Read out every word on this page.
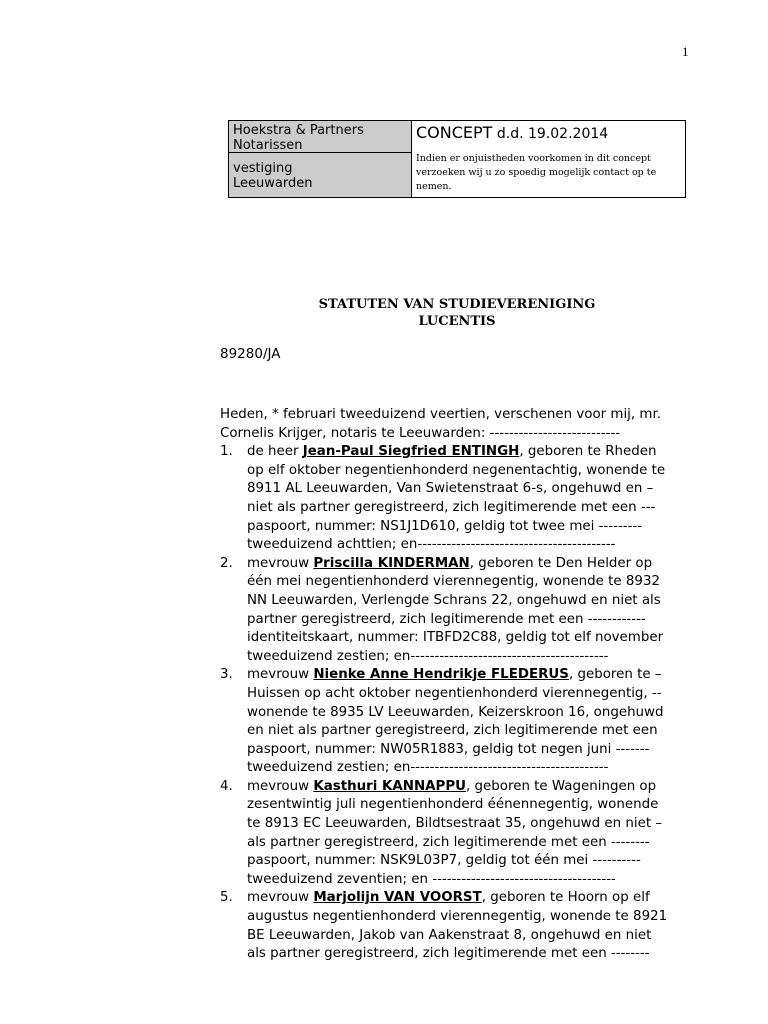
1
Hoekstra & Partners
Notarissen
vestiging
Leeuwarden
CONCEPT d.d. 19.02.2014
Indien er onjuistheden voorkomen in dit concept
verzoeken wij u zo spoedig mogelijk contact op te
nemen.
STATUTEN VAN STUDIEVERENIGING
LUCENTIS
89280/JA

Heden, * februari tweeduizend veertien, verschenen voor mij, mr.

Cornelis Krijger, notaris te Leeuwarden: ---------------------------

1. de heer Jean-Paul Siegfried ENTINGH, geboren te Rheden
op elf oktober negentienhonderd negenentachtig, wonende te
8911 AL Leeuwarden, Van Swietenstraat 6-s, ongehuwd en –
niet als partner geregistreerd, zich legitimerende met een ---
paspoort, nummer: NS1J1D610, geldig tot twee mei ---------
tweeduizend achttien; en-----------------------------------------
2. mevrouw Priscilla KINDERMAN, geboren te Den Helder op
één mei negentienhonderd vierennegentig, wonende te 8932
NN Leeuwarden, Verlengde Schrans 22, ongehuwd en niet als
partner geregistreerd, zich legitimerende met een ------------
identiteitskaart, nummer: ITBFD2C88, geldig tot elf november
tweeduizend zestien; en-----------------------------------------
3. mevrouw Nienke Anne Hendrikje FLEDERUS, geboren te –
Huissen op acht oktober negentienhonderd vierennegentig, --
wonende te 8935 LV Leeuwarden, Keizerskroon 16, ongehuwd
en niet als partner geregistreerd, zich legitimerende met een
paspoort, nummer: NW05R1883, geldig tot negen juni -------
tweeduizend zestien; en-----------------------------------------
4. mevrouw Kasthuri KANNAPPU, geboren te Wageningen op
zesentwintig juli negentienhonderd éénennegentig, wonende
te 8913 EC Leeuwarden, Bildtsestraat 35, ongehuwd en niet –
als partner geregistreerd, zich legitimerende met een --------
paspoort, nummer: NSK9L03P7, geldig tot één mei ----------
tweeduizend zeventien; en --------------------------------------
5. mevrouw Marjolijn VAN VOORST, geboren te Hoorn op elf
augustus negentienhonderd vierennegentig, wonende te 8921
BE Leeuwarden, Jakob van Aakenstraat 8, ongehuwd en niet
als partner geregistreerd, zich legitimerende met een --------
